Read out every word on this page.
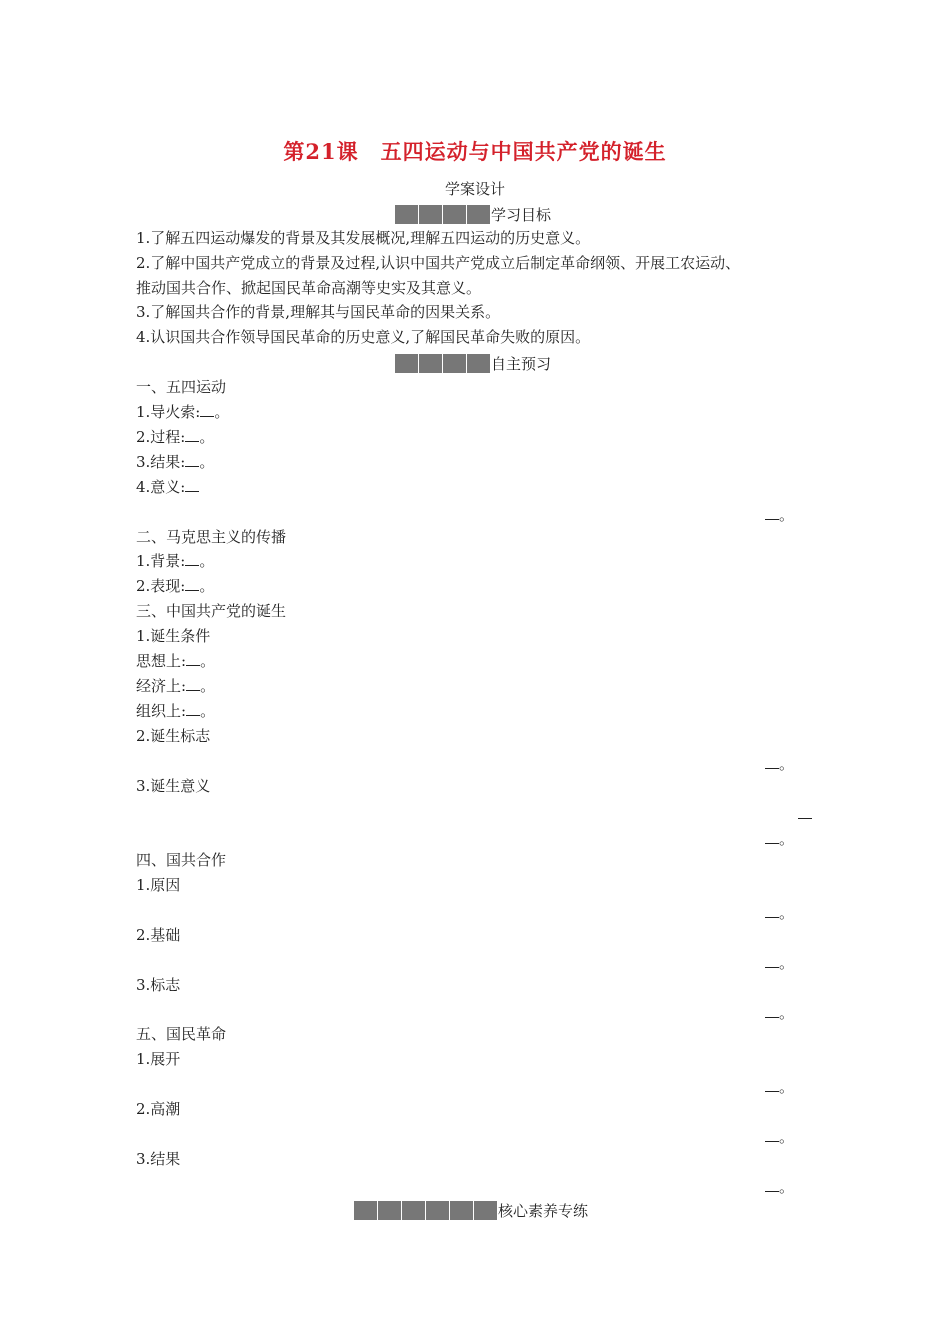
第21课　五四运动与中国共产党的诞生
学案设计
学习目标
1.了解五四运动爆发的背景及其发展概况,理解五四运动的历史意义。
2.了解中国共产党成立的背景及过程,认识中国共产党成立后制定革命纲领、开展工农运动、
推动国共合作、掀起国民革命高潮等史实及其意义。
3.了解国共合作的背景,理解其与国民革命的因果关系。
4.认识国共合作领导国民革命的历史意义,了解国民革命失败的原因。
自主预习
一、五四运动
1.导火索: 。
2.过程: 。
3.结果: 。
4.意义:
。
二、马克思主义的传播
1.背景: 。
2.表现: 。
三、中国共产党的诞生
1.诞生条件
思想上: 。
经济上: 。
组织上: 。
2.诞生标志
。
3.诞生意义
。
四、国共合作
1.原因
。
2.基础
。
3.标志
。
五、国民革命
1.展开
。
2.高潮
。
3.结果
。
核心素养专练
